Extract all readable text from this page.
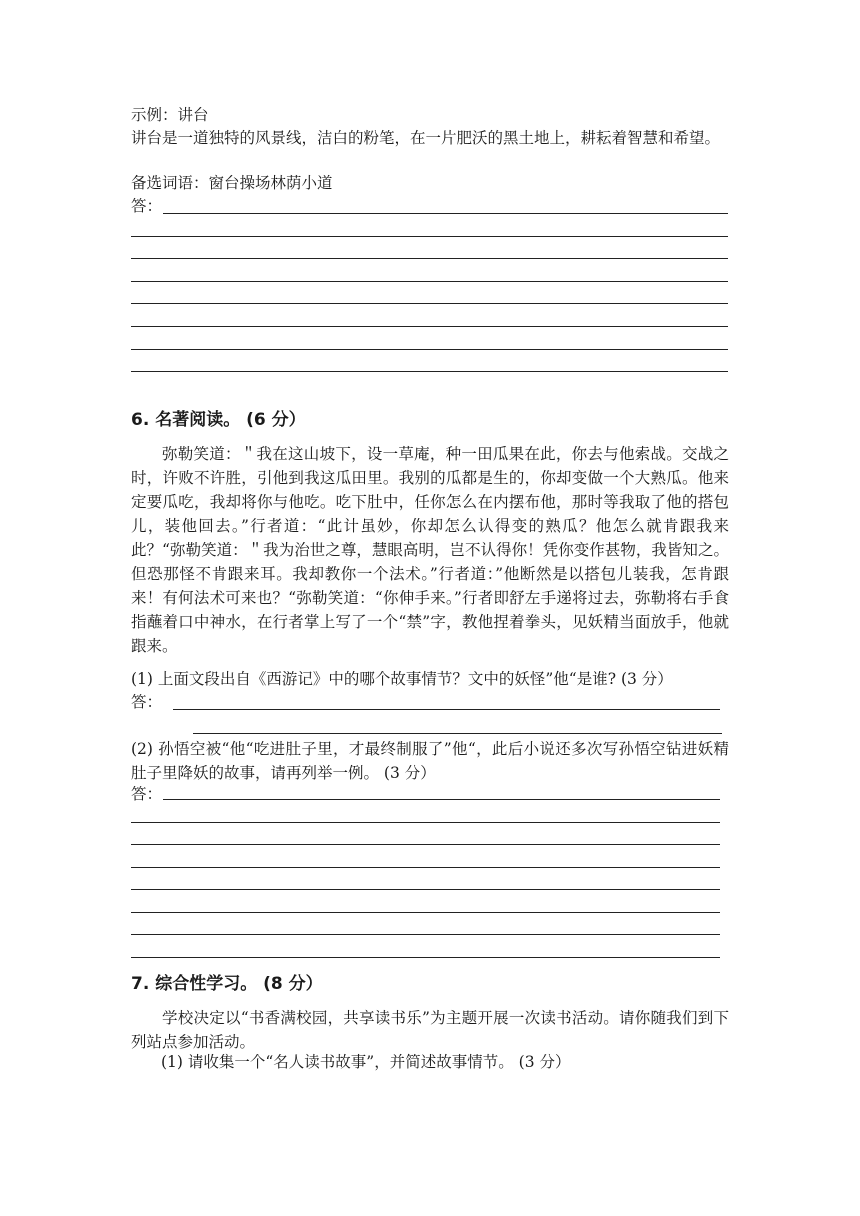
示例：讲台
讲台是一道独特的风景线，洁白的粉笔，在一片肥沃的黑土地上，耕耘着智慧和希望。
备选词语：窗台操场林荫小道
答：
6. 名著阅读。 (6 分）
弥勒笑道：＂我在这山坡下，设一草庵，种一田瓜果在此，你去与他索战。交战之时，许败不许胜，引他到我这瓜田里。我别的瓜都是生的，你却变做一个大熟瓜。他来定要瓜吃，我却将你与他吃。吃下肚中，任你怎么在内摆布他，那时等我取了他的搭包儿，装他回去。”行者道：“此计虽妙，你却怎么认得变的熟瓜？他怎么就肯跟我来此？“弥勒笑道：＂我为治世之尊，慧眼高明，岂不认得你！凭你变作甚物，我皆知之。但恐那怪不肯跟来耳。我却教你一个法术。”行者道：”他断然是以搭包儿装我，怎肯跟来！有何法术可来也？“弥勒笑道：“你伸手来。”行者即舒左手递将过去，弥勒将右手食指蘸着口中神水，在行者掌上写了一个“禁”字，教他捏着拳头，见妖精当面放手，他就跟来。
(1) 上面文段出自《西游记》中的哪个故事情节？文中的妖怪”他“是谁? (3 分）
答：
(2) 孙悟空被“他“吃进肚子里，才最终制服了”他“，此后小说还多次写孙悟空钻进妖精肚子里降妖的故事，请再列举一例。 (3 分）
答：
7. 综合性学习。 (8 分）
学校决定以“书香满校园，共享读书乐”为主题开展一次读书活动。请你随我们到下列站点参加活动。
(1) 请收集一个“名人读书故事”，并简述故事情节。 (3 分）
